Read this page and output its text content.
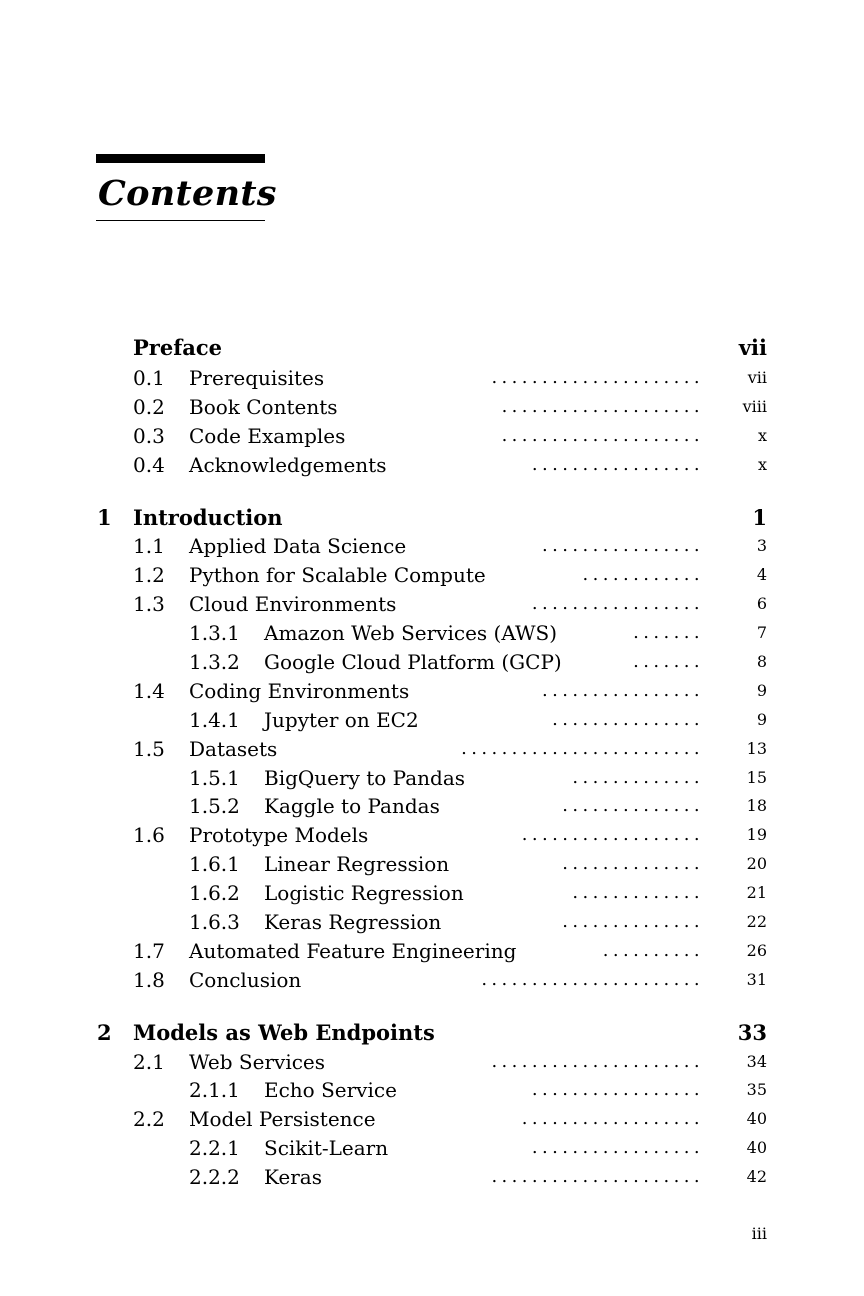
Contents
Preface	vii
0.1 Prerequisites	.....................	vii
0.2 Book Contents	.................... viii
0.3 Code Examples	....................	x
0.4 Acknowledgements	.................	x
1 Introduction	1
1.1 Applied Data Science	................	3
1.2 Python for Scalable Compute	............	4
1.3 Cloud Environments	.................	6
1.3.1 Amazon Web Services (AWS)	.......	7
1.3.2 Google Cloud Platform (GCP)	.......	8
1.4 Coding Environments	................	9
1.4.1 Jupyter on EC2	...............	9
1.5 Datasets	........................	13
1.5.1 BigQuery to Pandas	.............	15
1.5.2 Kaggle to Pandas	..............	18
1.6 Prototype Models	..................	19
1.6.1 Linear Regression	..............	20
1.6.2 Logistic Regression	.............	21
1.6.3 Keras Regression	..............	22
1.7 Automated Feature Engineering	..........	26
1.8 Conclusion	......................	31
2 Models as Web Endpoints	33
2.1 Web Services	.....................	34
2.1.1 Echo Service	.................	35
2.2 Model Persistence	..................	40
2.2.1 Scikit-Learn	.................	40
2.2.2 Keras	.....................	42
iii
